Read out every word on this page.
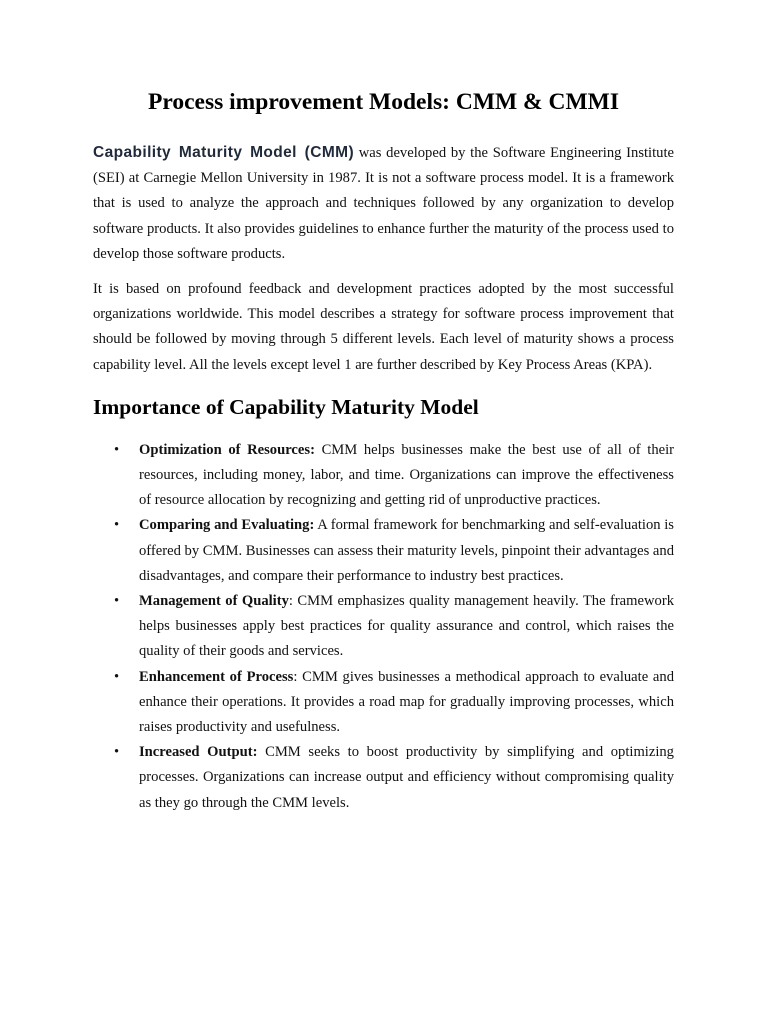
Process improvement Models: CMM & CMMI

Capability Maturity Model (CMM) was developed by the Software Engineering Institute (SEI) at Carnegie Mellon University in 1987. It is not a software process model. It is a framework that is used to analyze the approach and techniques followed by any organization to develop software products. It also provides guidelines to enhance further the maturity of the process used to develop those software products.

It is based on profound feedback and development practices adopted by the most successful organizations worldwide. This model describes a strategy for software process improvement that should be followed by moving through 5 different levels. Each level of maturity shows a process capability level. All the levels except level 1 are further described by Key Process Areas (KPA).

Importance of Capability Maturity Model
• Optimization of Resources: CMM helps businesses make the best use of all of their resources, including money, labor, and time. Organizations can improve the effectiveness of resource allocation by recognizing and getting rid of unproductive practices.
• Comparing and Evaluating: A formal framework for benchmarking and self-evaluation is offered by CMM. Businesses can assess their maturity levels, pinpoint their advantages and disadvantages, and compare their performance to industry best practices.
• Management of Quality: CMM emphasizes quality management heavily. The framework helps businesses apply best practices for quality assurance and control, which raises the quality of their goods and services.
• Enhancement of Process: CMM gives businesses a methodical approach to evaluate and enhance their operations. It provides a road map for gradually improving processes, which raises productivity and usefulness.
• Increased Output: CMM seeks to boost productivity by simplifying and optimizing processes. Organizations can increase output and efficiency without compromising quality as they go through the CMM levels.
